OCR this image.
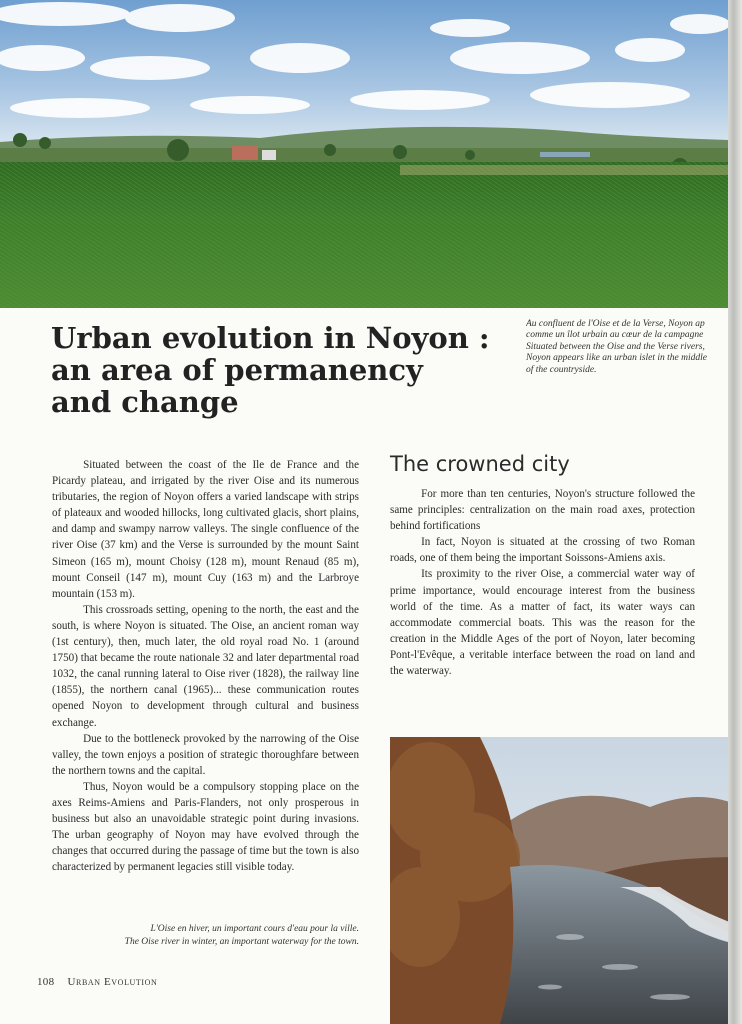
Urban evolution in Noyon :
an area of permanency
and change

Au confluent de l'Oise et de la Verse, Noyon ap
comme un îlot urbain au cœur de la campagne
Situated between the Oise and the Verse rivers,
Noyon appears like an urban islet in the middle
of the countryside.

Situated between the coast of the Ile de France and the Picardy plateau, and irrigated by the river Oise and its numerous tributaries, the region of Noyon offers a varied landscape with strips of plateaux and wooded hillocks, long cultivated glacis, short plains, and damp and swampy narrow valleys. The single confluence of the river Oise (37 km) and the Verse is surrounded by the mount Saint Simeon (165 m), mount Choisy (128 m), mount Renaud (85 m), mount Conseil (147 m), mount Cuy (163 m) and the Larbroye mountain (153 m).

This crossroads setting, opening to the north, the east and the south, is where Noyon is situated. The Oise, an ancient roman way (1st century), then, much later, the old royal road No. 1 (around 1750) that became the route nationale 32 and later departmental road 1032, the canal running lateral to Oise river (1828), the railway line (1855), the northern canal (1965)... these communication routes opened Noyon to development through cultural and business exchange.

Due to the bottleneck provoked by the narrowing of the Oise valley, the town enjoys a position of strategic thoroughfare between the northern towns and the capital.

Thus, Noyon would be a compulsory stopping place on the axes Reims-Amiens and Paris-Flanders, not only prosperous in business but also an unavoidable strategic point during invasions. The urban geography of Noyon may have evolved through the changes that occurred during the passage of time but the town is also characterized by permanent legacies still visible today.

The crowned city

For more than ten centuries, Noyon's structure followed the same principles: centralization on the main road axes, protection behind fortifications

In fact, Noyon is situated at the crossing of two Roman roads, one of them being the important Soissons-Amiens axis.

Its proximity to the river Oise, a commercial water way of prime importance, would encourage interest from the business world of the time. As a matter of fact, its water ways can accommodate commercial boats. This was the reason for the creation in the Middle Ages of the port of Noyon, later becoming Pont-l'Evêque, a veritable interface between the road on land and the waterway.

L'Oise en hiver, un important cours d'eau pour la ville.
The Oise river in winter, an important waterway for the town.

108 Urban Evolution
